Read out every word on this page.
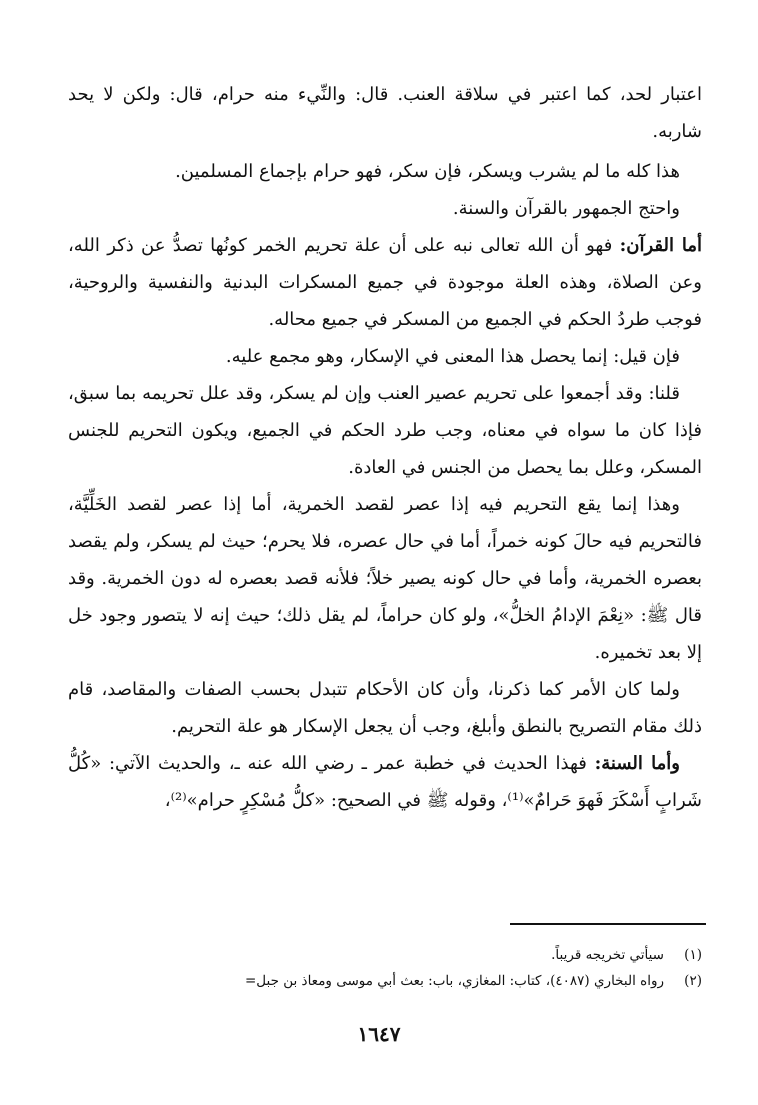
اعتبار لحد، كما اعتبر في سلاقة العنب. قال: والنِّيء منه حرام، قال: ولكن لا يحد شاربه.

هذا كله ما لم يشرب ويسكر، فإن سكر، فهو حرام بإجماع المسلمين.

واحتج الجمهور بالقرآن والسنة.

أما القرآن: فهو أن الله تعالى نبه على أن علة تحريم الخمر كونُها تصدُّ عن ذكر الله، وعن الصلاة، وهذه العلة موجودة في جميع المسكرات البدنية والنفسية والروحية، فوجب طردُ الحكم في الجميع من المسكر في جميع محاله.

فإن قيل: إنما يحصل هذا المعنى في الإسكار، وهو مجمع عليه.

قلنا: وقد أجمعوا على تحريم عصير العنب وإن لم يسكر، وقد علل تحريمه بما سبق، فإذا كان ما سواه في معناه، وجب طرد الحكم في الجميع، ويكون التحريم للجنس المسكر، وعلل بما يحصل من الجنس في العادة.

وهذا إنما يقع التحريم فيه إذا عصر لقصد الخمرية، أما إذا عصر لقصد الخَلِّيَّة، فالتحريم فيه حالَ كونه خمراً، أما في حال عصره، فلا يحرم؛ حيث لم يسكر، ولم يقصد بعصره الخمرية، وأما في حال كونه يصير خلاً؛ فلأنه قصد بعصره له دون الخمرية. وقد قال ﷺ: «نِعْمَ الإدامُ الخلُّ»، ولو كان حراماً، لم يقل ذلك؛ حيث إنه لا يتصور وجود خل إلا بعد تخميره.

ولما كان الأمر كما ذكرنا، وأن كان الأحكام تتبدل بحسب الصفات والمقاصد، قام ذلك مقام التصريح بالنطق وأبلغ، وجب أن يجعل الإسكار هو علة التحريم.

وأما السنة: فهذا الحديث في خطبة عمر ـ رضي الله عنه ـ، والحديث الآتي: «كُلُّ شَرابٍ أَسْكَرَ فَهوَ حَرامٌ»⁽¹⁾، وقوله ﷺ في الصحيح: «كلُّ مُسْكِرٍ حرام»⁽²⁾،

(١)سيأتي تخريجه قريباً.

(٢)رواه البخاري (٤٠٨٧)، كتاب: المغازي، باب: بعث أبي موسى ومعاذ بن جبل=

١٦٤٧
